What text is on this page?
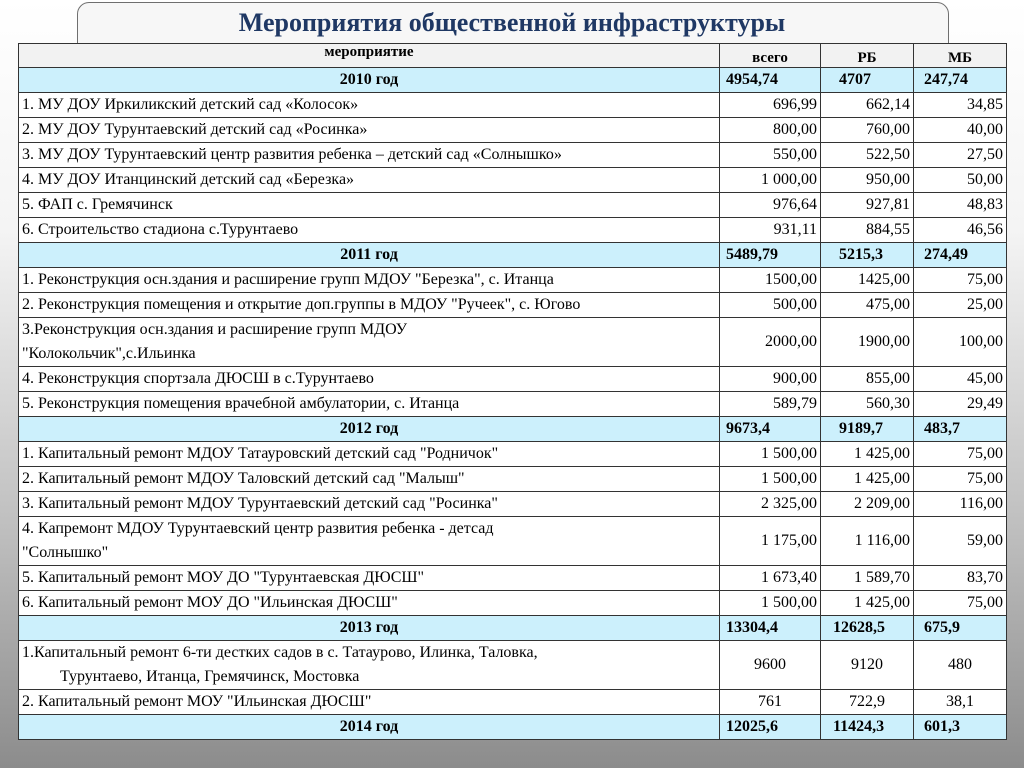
Мероприятия общественной инфраструктуры
мероприятие	всего	РБ	МБ
2010 год	4954,74	4707	247,74
1. МУ ДОУ Иркиликский детский сад «Колосок»	696,99	662,14	34,85
2. МУ ДОУ Турунтаевский детский сад «Росинка»	800,00	760,00	40,00
3. МУ ДОУ Турунтаевский центр развития ребенка – детский сад «Солнышко»	550,00	522,50	27,50
4. МУ ДОУ Итанцинский детский сад «Березка»	1 000,00	950,00	50,00
5. ФАП с. Гремячинск	976,64	927,81	48,83
6. Строительство стадиона с.Турунтаево	931,11	884,55	46,56
2011 год	5489,79	5215,3	274,49
1. Реконструкция осн.здания и расширение групп МДОУ "Березка", с. Итанца	1500,00	1425,00	75,00
2. Реконструкция помещения и открытие доп.группы в МДОУ "Ручеек", с. Югово	500,00	475,00	25,00
3.Реконструкция осн.здания и расширение групп МДОУ
"Колокольчик",с.Ильинка	2000,00	1900,00	100,00
4. Реконструкция спортзала ДЮСШ в с.Турунтаево	900,00	855,00	45,00
5. Реконструкция помещения врачебной амбулатории, с. Итанца	589,79	560,30	29,49
2012 год	9673,4	9189,7	483,7
1. Капитальный ремонт МДОУ Татауровский детский сад "Родничок"	1 500,00	1 425,00	75,00
2. Капитальный ремонт МДОУ Таловский детский сад "Малыш"	1 500,00	1 425,00	75,00
3. Капитальный ремонт МДОУ Турунтаевский детский сад "Росинка"	2 325,00	2 209,00	116,00
4. Капремонт МДОУ Турунтаевский центр развития ребенка - детсад
"Солнышко"	1 175,00	1 116,00	59,00
5. Капитальный ремонт МОУ ДО "Турунтаевская ДЮСШ"	1 673,40	1 589,70	83,70
6. Капитальный ремонт МОУ ДО "Ильинская ДЮСШ"	1 500,00	1 425,00	75,00
2013 год	13304,4	12628,5	675,9
1.Капитальный ремонт 6-ти дестких садов в с. Татаурово, Илинка, Таловка,
Турунтаево, Итанца, Гремячинск, Мостовка	9600	9120	480
2. Капитальный ремонт МОУ "Ильинская ДЮСШ"	761	722,9	38,1
2014 год	12025,6	11424,3	601,3
